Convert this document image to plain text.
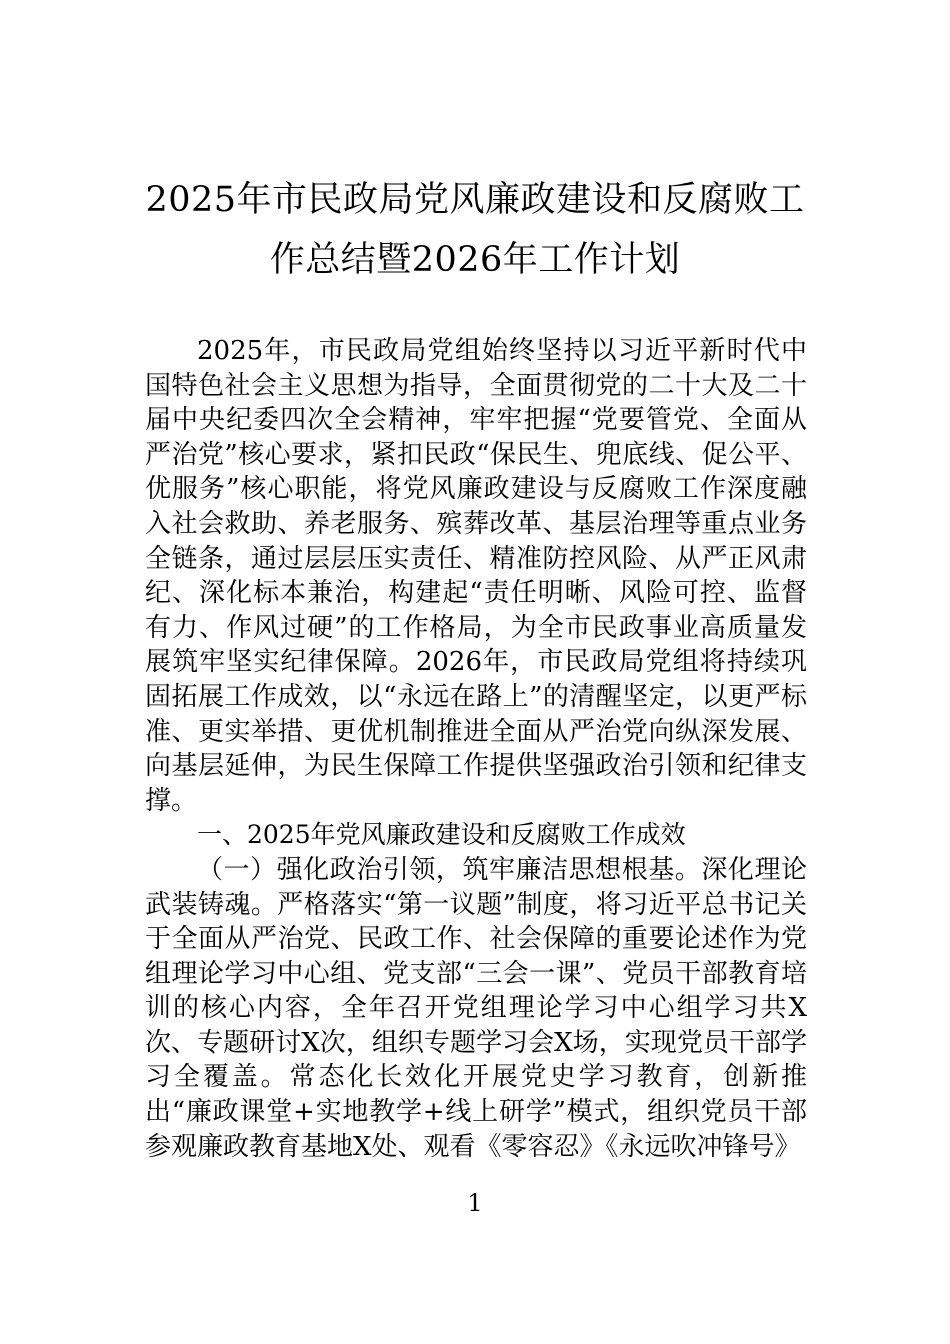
2025年市民政局党风廉政建设和反腐败工
作总结暨2026年工作计划

2025年，市民政局党组始终坚持以习近平新时代中国特色社会主义思想为指导，全面贯彻党的二十大及二十届中央纪委四次全会精神，牢牢把握“党要管党、全面从严治党”核心要求，紧扣民政“保民生、兜底线、促公平、优服务”核心职能，将党风廉政建设与反腐败工作深度融入社会救助、养老服务、殡葬改革、基层治理等重点业务全链条，通过层层压实责任、精准防控风险、从严正风肃纪、深化标本兼治，构建起“责任明晰、风险可控、监督有力、作风过硬”的工作格局，为全市民政事业高质量发展筑牢坚实纪律保障。2026年，市民政局党组将持续巩固拓展工作成效，以“永远在路上”的清醒坚定，以更严标准、更实举措、更优机制推进全面从严治党向纵深发展、向基层延伸，为民生保障工作提供坚强政治引领和纪律支撑。

一、2025年党风廉政建设和反腐败工作成效

（一）强化政治引领，筑牢廉洁思想根基。深化理论武装铸魂。严格落实“第一议题”制度，将习近平总书记关于全面从严治党、民政工作、社会保障的重要论述作为党组理论学习中心组、党支部“三会一课”、党员干部教育培训的核心内容，全年召开党组理论学习中心组学习共X次、专题研讨X次，组织专题学习会X场，实现党员干部学习全覆盖。常态化长效化开展党史学习教育，创新推出“廉政课堂+实地教学+线上研学”模式，组织党员干部参观廉政教育基地X处、观看《零容忍》《永远吹冲锋号》

1
